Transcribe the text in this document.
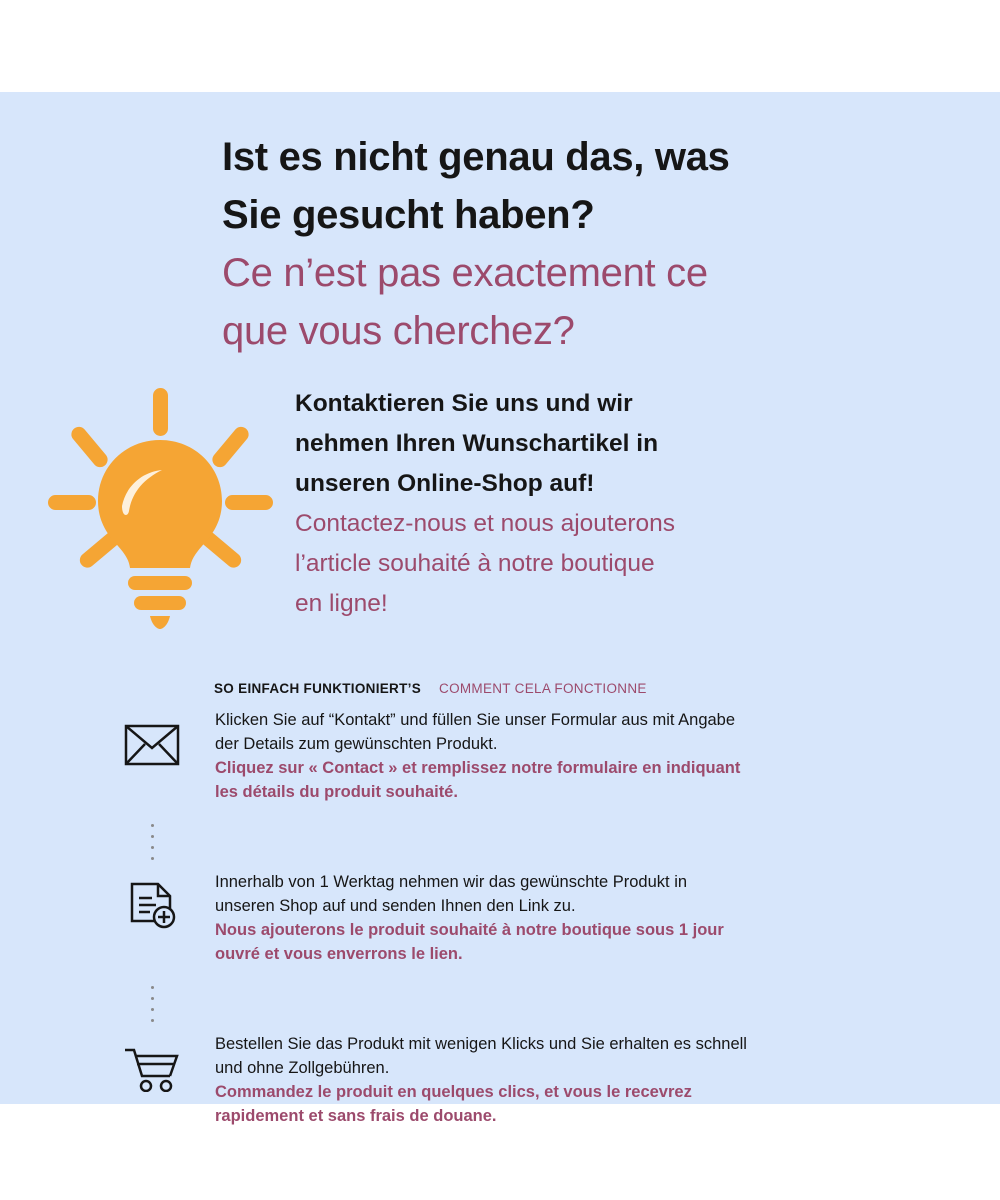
Ist es nicht genau das, was

Sie gesucht haben?

Ce n’est pas exactement ce

que vous cherchez?

Kontaktieren Sie uns und wir

nehmen Ihren Wunschartikel in

unseren Online-Shop auf!

Contactez-nous et nous ajouterons

l’article souhaité à notre boutique

en ligne!

SO EINFACH FUNKTIONIERT’S COMMENT CELA FONCTIONNE

Klicken Sie auf “Kontakt” und füllen Sie unser Formular aus mit Angabe

der Details zum gewünschten Produkt.

Cliquez sur « Contact » et remplissez notre formulaire en indiquant

les détails du produit souhaité.

Innerhalb von 1 Werktag nehmen wir das gewünschte Produkt in

unseren Shop auf und senden Ihnen den Link zu.

Nous ajouterons le produit souhaité à notre boutique sous 1 jour

ouvré et vous enverrons le lien.

Bestellen Sie das Produkt mit wenigen Klicks und Sie erhalten es schnell

und ohne Zollgebühren.

Commandez le produit en quelques clics, et vous le recevrez

rapidement et sans frais de douane.
